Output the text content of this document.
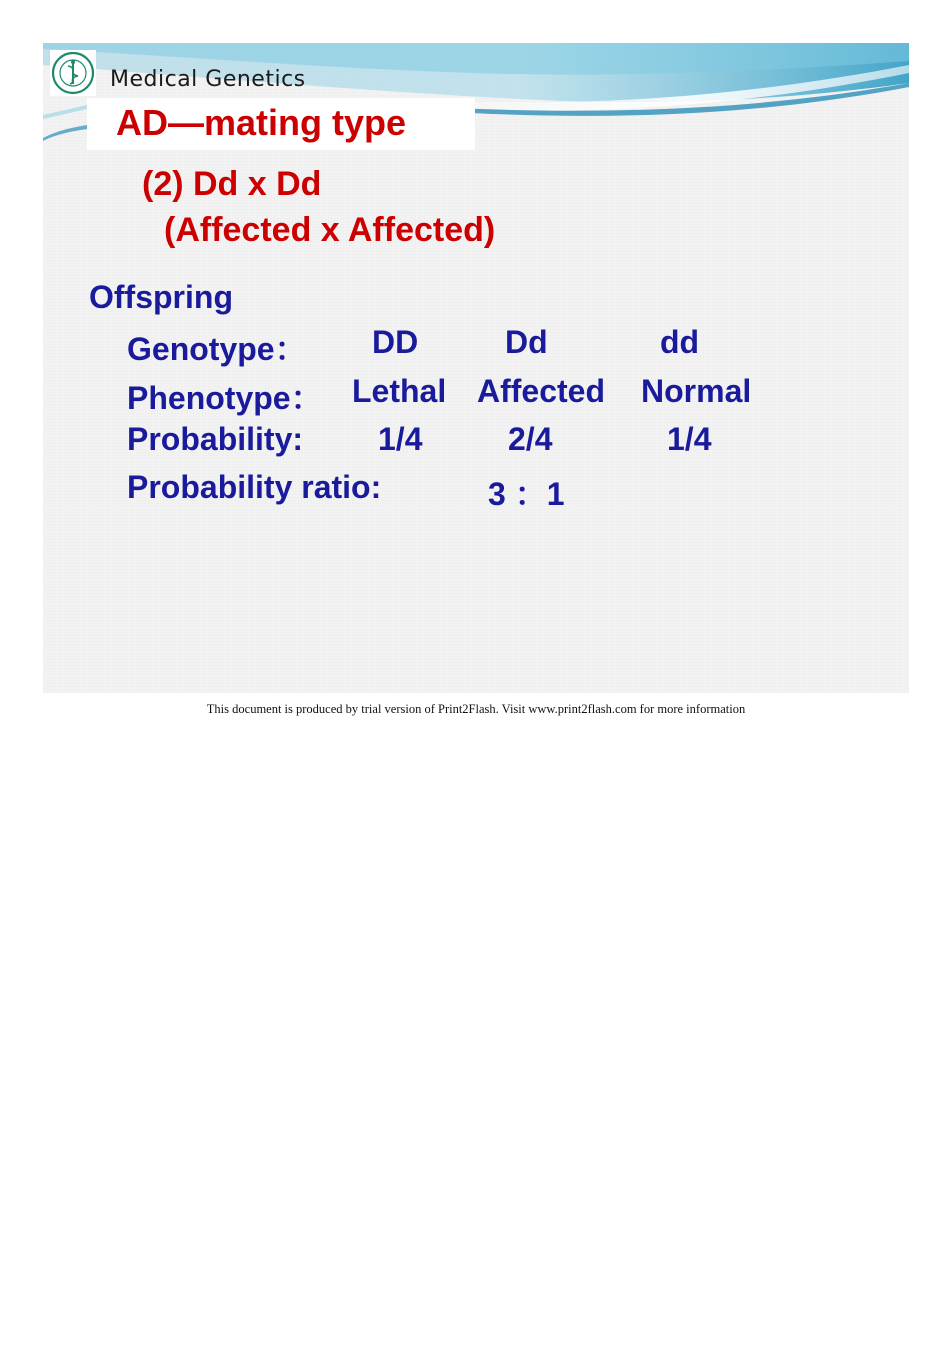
Medical Genetics
AD—mating type
(2) Dd x Dd
(Affected x Affected)
Offspring
Genotype： DD	Dd	dd
Phenotype： Lethal Affected Normal
Probability: 1/4	2/4	1/4
Probability ratio:	3 ：1
This document is produced by trial version of Print2Flash. Visit www.print2flash.com for more information
